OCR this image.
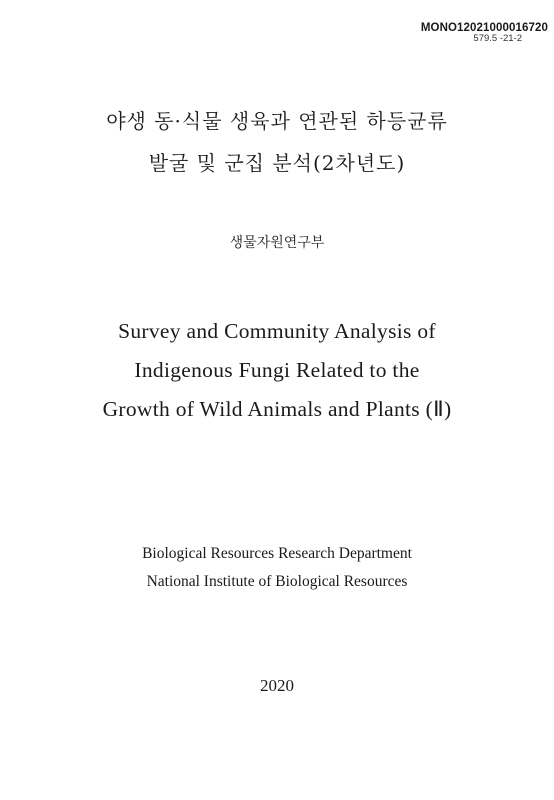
MONO12021000016720
579.5 -21-2
야생 동·식물 생육과 연관된 하등균류
발굴 및 군집 분석(2차년도)
생물자원연구부
Survey and Community Analysis of
Indigenous Fungi Related to the
Growth of Wild Animals and Plants (Ⅱ)
Biological Resources Research Department
National Institute of Biological Resources
2020
